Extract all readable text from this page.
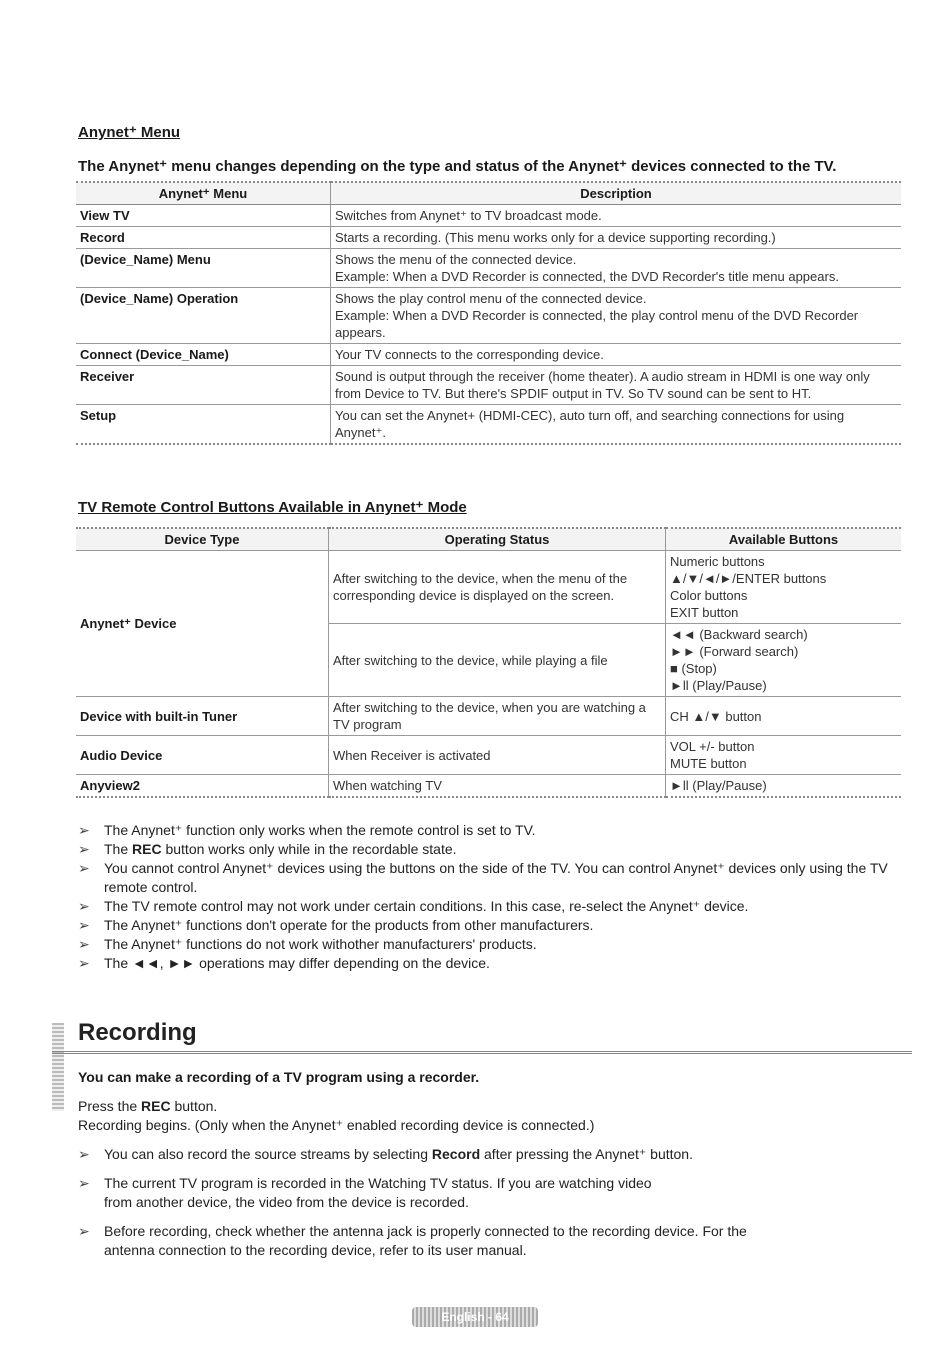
Anynet⁺ Menu
The Anynet⁺ menu changes depending on the type and status of the Anynet⁺ devices connected to the TV.
Anynet⁺ Menu	Description
View TV	Switches from Anynet⁺ to TV broadcast mode.
Record	Starts a recording. (This menu works only for a device supporting recording.)
(Device_Name) Menu	Shows the menu of the connected device.
Example: When a DVD Recorder is connected, the DVD Recorder's title menu appears.

(Device_Name) Operation	Shows the play control menu of the connected device.
Example: When a DVD Recorder is connected, the play control menu of the DVD Recorder appears.

Connect (Device_Name)	Your TV connects to the corresponding device.
Receiver	Sound is output through the receiver (home theater). A audio stream in HDMI is one way only from Device to TV. But there's SPDIF output in TV. So TV sound can be sent to HT.
Setup	You can set the Anynet+ (HDMI-CEC), auto turn off, and searching connections for using Anynet⁺.
TV Remote Control Buttons Available in Anynet⁺ Mode
Device Type	Operating Status	Available Buttons
Anynet⁺ Device	After switching to the device, when the menu of the corresponding device is displayed on the screen.	Numeric buttons
▲/▼/◄/►/ENTER buttons
Color buttons
EXIT button

	After switching to the device, while playing a file	◄◄ (Backward search)
►► (Forward search)
■ (Stop)
►ll (Play/Pause)

Device with built-in Tuner	After switching to the device, when you are watching a TV program	CH ▲/▼ button
Audio Device	When Receiver is activated	VOL +/- button
MUTE button

Anyview2	When watching TV	►ll (Play/Pause)
➢	The Anynet⁺ function only works when the remote control is set to TV.
➢	The REC button works only while in the recordable state.
➢	You cannot control Anynet⁺ devices using the buttons on the side of the TV. You can control Anynet⁺ devices only using the TV remote control.
➢	The TV remote control may not work under certain conditions. In this case, re-select the Anynet⁺ device.
➢	The Anynet⁺ functions don't operate for the products from other manufacturers.
➢	The Anynet⁺ functions do not work withother manufacturers' products.
➢	The ◄◄, ►► operations may differ depending on the device.
Recording
You can make a recording of a TV program using a recorder.
Press the REC button.
Recording begins. (Only when the Anynet⁺ enabled recording device is connected.)
➢	You can also record the source streams by selecting Record after pressing the Anynet⁺ button.
➢	The current TV program is recorded in the Watching TV status. If you are watching video from another device, the video from the device is recorded.
➢	Before recording, check whether the antenna jack is properly connected to the recording device. For the antenna connection to the recording device, refer to its user manual.
English - 64
